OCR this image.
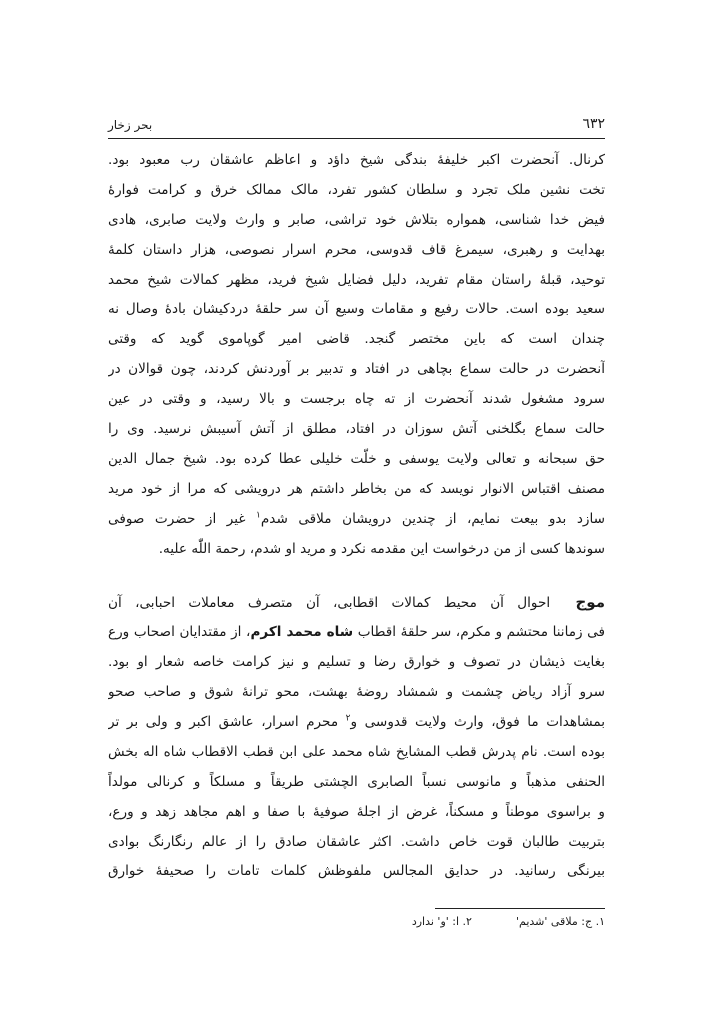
٦٣٢
بحر زخار
کرنال. آنحضرت اکبر خلیفهٔ بندگی شیخ داؤد و اعاظم عاشقان رب معبود بود.
تخت نشین ملک تجرد و سلطان کشور تفرد، مالک ممالک خرق و کرامت فوارهٔ
فیض خدا شناسی، همواره بتلاش خود تراشی، صابر و وارث ولایت صابری، هادی
بهدایت و رهبری، سیمرغ قاف قدوسی، محرم اسرار نصوصی، هزار داستان کلمهٔ
توحید، قبلهٔ راستان مقام تفرید، دلیل فضایل شیخ فرید، مظهر کمالات شیخ محمد
سعید بوده است. حالات رفیع و مقامات وسیع آن سر حلقهٔ دردکیشان بادهٔ وصال نه
چندان است که باین مختصر گنجد. قاضی امیر گوپاموی گوید که وقتی
آنحضرت در حالت سماع بچاهی در افتاد و تدبیر بر آوردنش کردند، چون قوالان در
سرود مشغول شدند آنحضرت از ته چاه برجست و بالا رسید، و وقتی در عین
حالت سماع بگلخنی آتش سوزان در افتاد، مطلق از آتش آسیبش نرسید. وی را
حق سبحانه و تعالی ولایت یوسفی و خلّت خلیلی عطا کرده بود. شیخ جمال الدین
مصنف اقتباس الانوار نویسد که من بخاطر داشتم هر درویشی که مرا از خود مرید
سازد بدو بیعت نمایم، از چندین درویشان ملاقی شدم$^١$ غیر از حضرت صوفی
سوندها کسی از من درخواست این مقدمه نکرد و مرید او شدم، رحمة اللّٰه علیه.
موج احوال آن محیط کمالات اقطابی، آن متصرف معاملات احبابی، آن
فی زماننا محتشم و مکرم، سر حلقهٔ اقطاب شاه محمد اکرم، از مقتدایان اصحاب ورع
بغایت ذیشان در تصوف و خوارق رضا و تسلیم و نیز کرامت خاصه شعار او بود.
سرو آزاد ریاض چشمت و شمشاد روضهٔ بهشت، محو ترانهٔ شوق و صاحب صحو
بمشاهدات ما فوق، وارث ولایت قدوسی و$^٢$ محرم اسرار، عاشق اکبر و ولی بر تر
بوده است. نام پدرش قطب المشایخ شاه محمد علی ابن قطب الاقطاب شاه اله بخش
الحنفی مذهباً و مانوسی نسباً الصابری الچشتی طریقاً و مسلکاً و کرنالی مولداً
و براسوی موطناً و مسکناً، غرض از اجلهٔ صوفیهٔ با صفا و اهم مجاهد زهد و ورع،
بتربیت طالبان قوت خاص داشت. اکثر عاشقان صادق را از عالم رنگارنگ بوادی
بیرنگی رسانید. در حدایق المجالس ملفوظش کلمات تامات را صحیفهٔ خوارق
١. ج: ملاقی 'شدیم'
٢. ا: 'و' ندارد
